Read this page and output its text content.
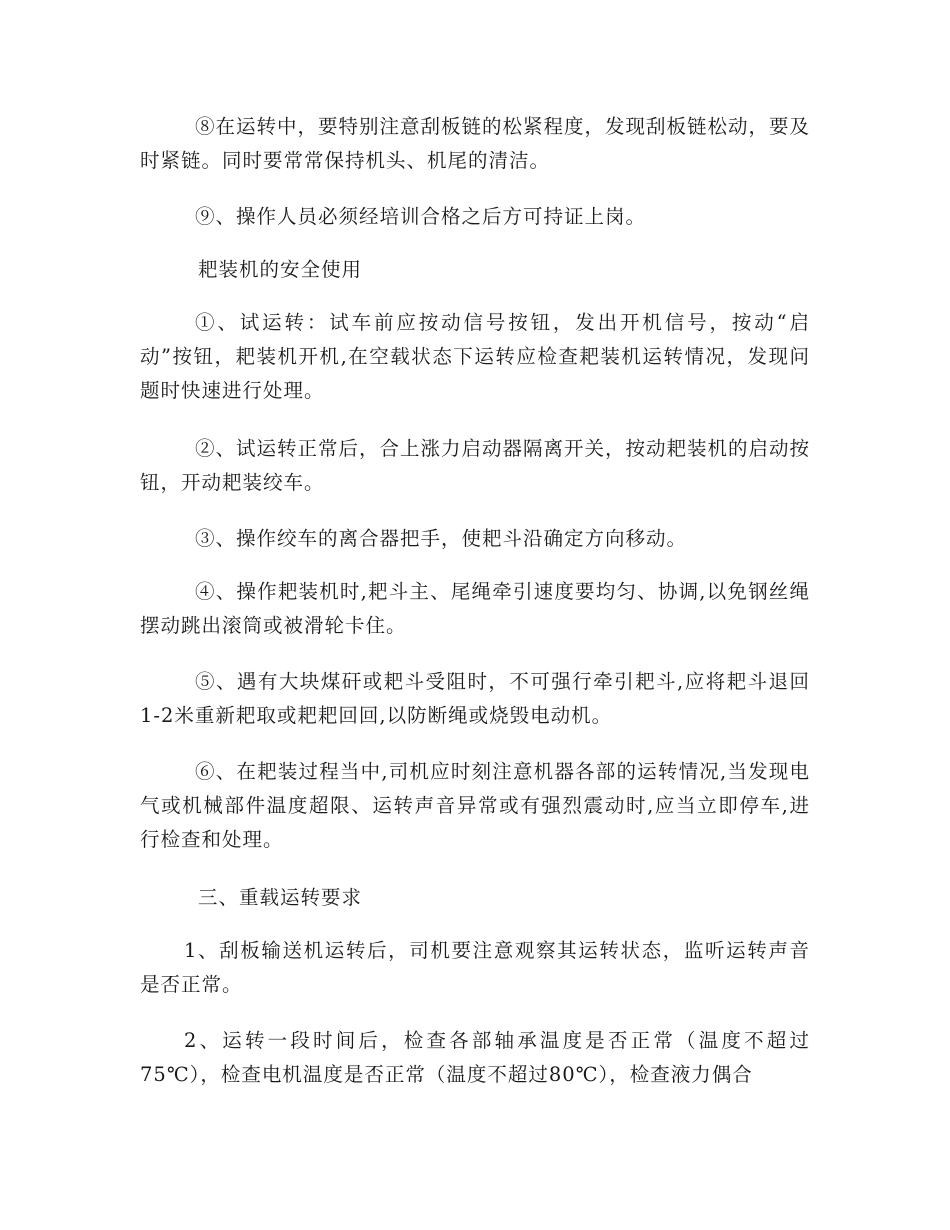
⑧在运转中，要特别注意刮板链的松紧程度，发现刮板链松动，要及时紧链。同时要常常保持机头、机尾的清洁。

⑨、操作人员必须经培训合格之后方可持证上岗。

耙装机的安全使用

①、试运转：试车前应按动信号按钮，发出开机信号，按动“启动”按钮，耙装机开机,在空载状态下运转应检查耙装机运转情况，发现问题时快速进行处理。

②、试运转正常后，合上涨力启动器隔离开关，按动耙装机的启动按钮，开动耙装绞车。

③、操作绞车的离合器把手，使耙斗沿确定方向移动。

④、操作耙装机时,耙斗主、尾绳牵引速度要均匀、协调,以免钢丝绳摆动跳出滚筒或被滑轮卡住。

⑤、遇有大块煤矸或耙斗受阻时，不可强行牵引耙斗,应将耙斗退回1-2米重新耙取或耙耙回回,以防断绳或烧毁电动机。

⑥、在耙装过程当中,司机应时刻注意机器各部的运转情况,当发现电气或机械部件温度超限、运转声音异常或有强烈震动时,应当立即停车,进行检查和处理。

三、重载运转要求

1、刮板输送机运转后，司机要注意观察其运转状态，监听运转声音是否正常。

2、运转一段时间后，检查各部轴承温度是否正常（温度不超过75℃），检查电机温度是否正常（温度不超过80℃），检查液力偶合
